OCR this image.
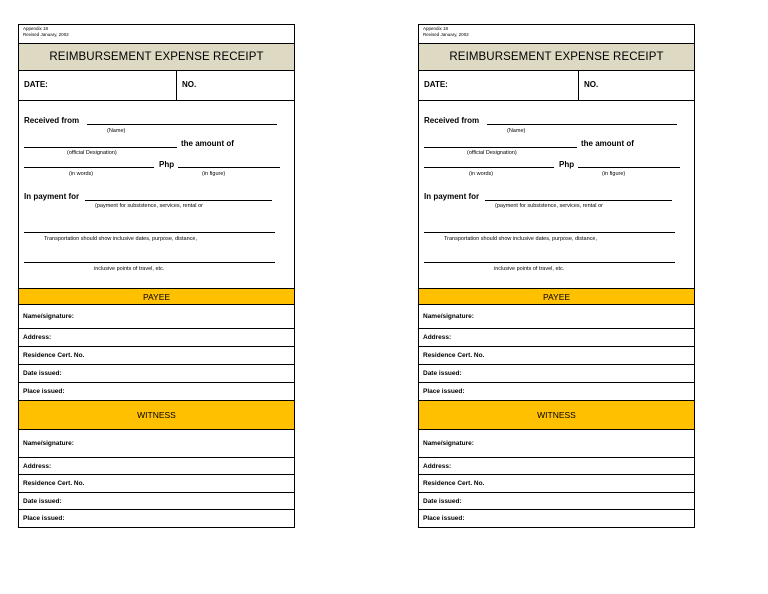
Appendix 18
Revised January, 2002
REIMBURSEMENT EXPENSE RECEIPT
DATE:	NO.
Received from
(Name)
the amount of
(official Designation)
Php
(in words)	(in figure)
In payment for
(payment for subsistence, services, rental or
Transportation should show inclusive dates, purpose, distance,
inclusive points of travel, etc.
PAYEE
Name/signature:
Address:
Residence Cert. No.
Date issued:
Place issued:
WITNESS
Name/signature:
Address:
Residence Cert. No.
Date issued:
Place issued:
Appendix 18
Revised January, 2002
REIMBURSEMENT EXPENSE RECEIPT
DATE:	NO.
Received from
(Name)
the amount of
(official Designation)
Php
(in words)	(in figure)
In payment for
(payment for subsistence, services, rental or
Transportation should show inclusive dates, purpose, distance,
inclusive points of travel, etc.
PAYEE
Name/signature:
Address:
Residence Cert. No.
Date issued:
Place issued:
WITNESS
Name/signature:
Address:
Residence Cert. No.
Date issued:
Place issued:
